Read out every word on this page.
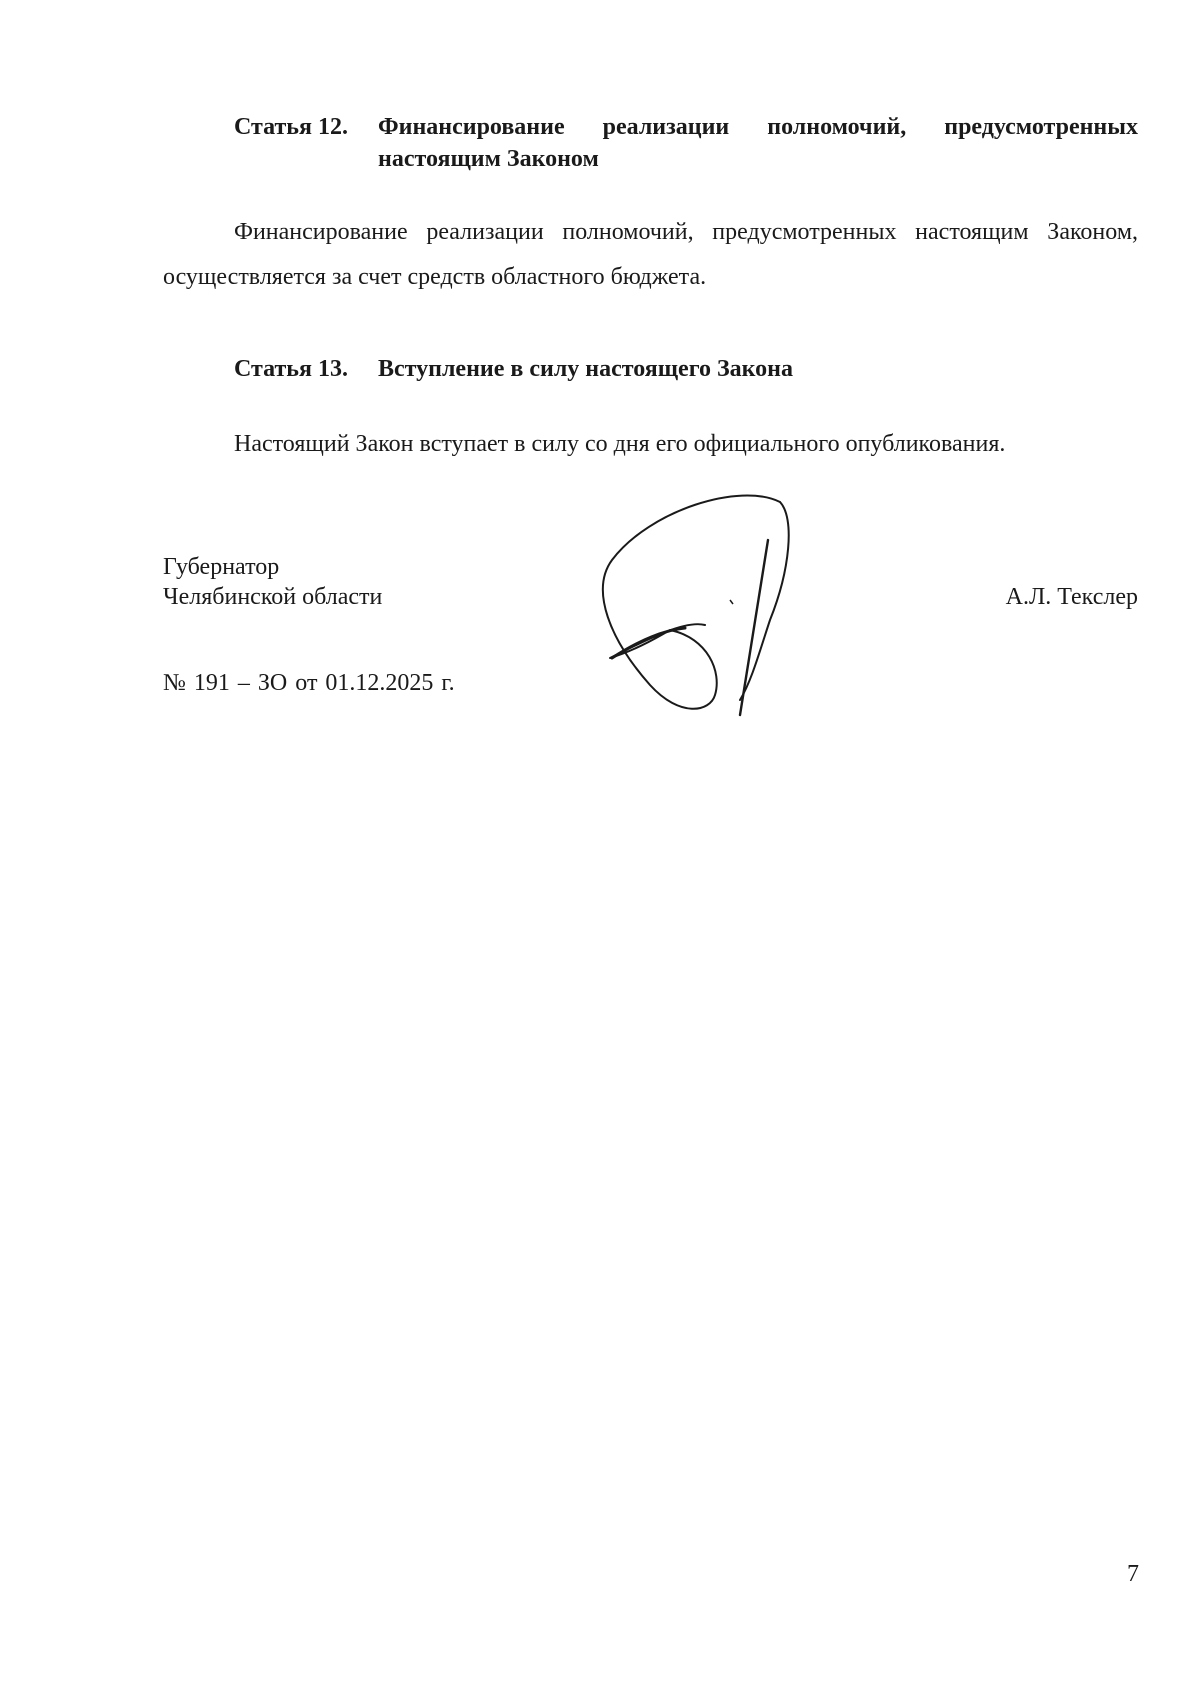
Статья 12.	Финансирование реализации полномочий, предусмотренных настоящим Законом

Финансирование реализации полномочий, предусмотренных настоящим Законом, осуществляется за счет средств областного бюджета.

Статья 13.	Вступление в силу настоящего Закона

Настоящий Закон вступает в силу со дня его официального опубликования.

Губернатор
Челябинской области	А.Л. Текслер
№ 191 – ЗО от 01.12.2025 г.
7
